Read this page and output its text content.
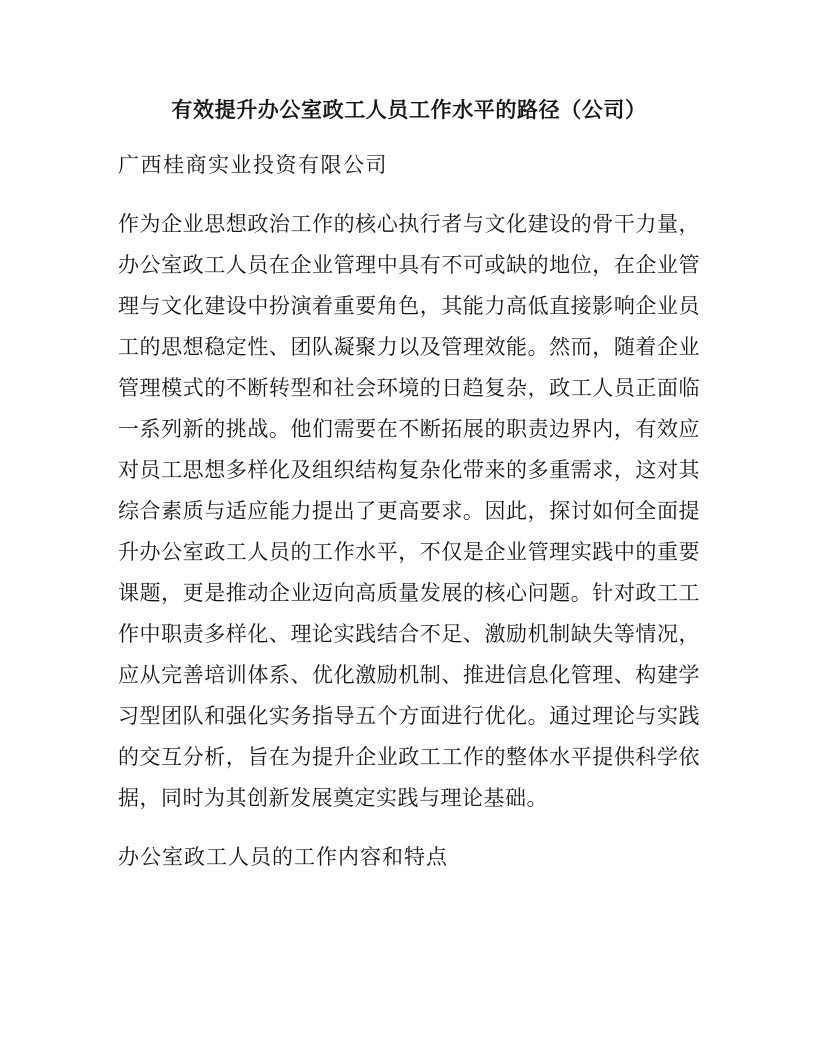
有效提升办公室政工人员工作水平的路径（公司）

广西桂商实业投资有限公司

作为企业思想政治工作的核心执行者与文化建设的骨干力量，办公室政工人员在企业管理中具有不可或缺的地位，在企业管理与文化建设中扮演着重要角色，其能力高低直接影响企业员工的思想稳定性、团队凝聚力以及管理效能。然而，随着企业管理模式的不断转型和社会环境的日趋复杂，政工人员正面临一系列新的挑战。他们需要在不断拓展的职责边界内，有效应对员工思想多样化及组织结构复杂化带来的多重需求，这对其综合素质与适应能力提出了更高要求。因此，探讨如何全面提升办公室政工人员的工作水平，不仅是企业管理实践中的重要课题，更是推动企业迈向高质量发展的核心问题。针对政工工作中职责多样化、理论实践结合不足、激励机制缺失等情况，应从完善培训体系、优化激励机制、推进信息化管理、构建学习型团队和强化实务指导五个方面进行优化。通过理论与实践的交互分析，旨在为提升企业政工工作的整体水平提供科学依据，同时为其创新发展奠定实践与理论基础。

办公室政工人员的工作内容和特点
